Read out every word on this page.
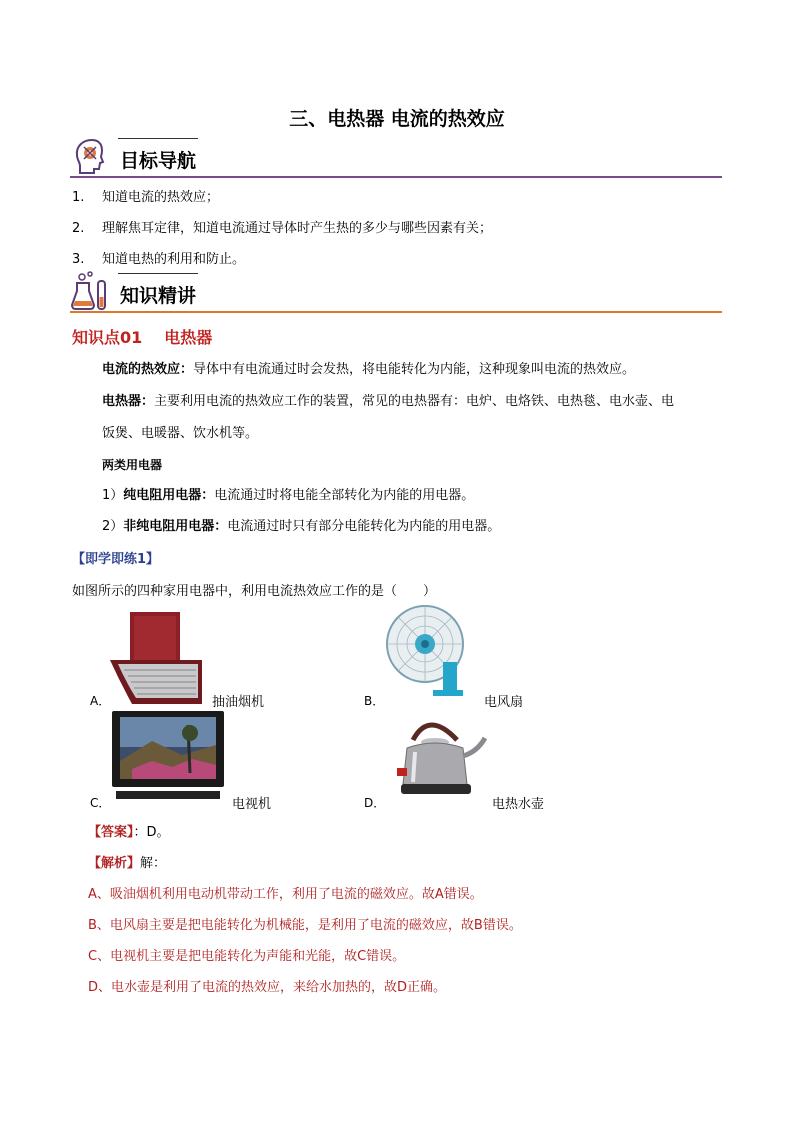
三、电热器 电流的热效应
目标导航
1. 知道电流的热效应；
2. 理解焦耳定律，知道电流通过导体时产生热的多少与哪些因素有关；
3. 知道电热的利用和防止。
知识精讲
知识点01 电热器
电流的热效应：导体中有电流通过时会发热，将电能转化为内能，这种现象叫电流的热效应。
电热器：主要利用电流的热效应工作的装置，常见的电热器有：电炉、电烙铁、电热毯、电水壶、电
饭煲、电暖器、饮水机等。
两类用电器
1）纯电阻用电器：电流通过时将电能全部转化为内能的用电器。
2）非纯电阻用电器：电流通过时只有部分电能转化为内能的用电器。
【即学即练1】
如图所示的四种家用电器中，利用电流热效应工作的是（　　）
A．	抽油烟机	B．	电风扇
C．	电视机	D．	电热水壶
【答案】：D。
【解析】解：
A、吸油烟机利用电动机带动工作，利用了电流的磁效应。故A错误。
B、电风扇主要是把电能转化为机械能，是利用了电流的磁效应，故B错误。
C、电视机主要是把电能转化为声能和光能，故C错误。
D、电水壶是利用了电流的热效应，来给水加热的，故D正确。
